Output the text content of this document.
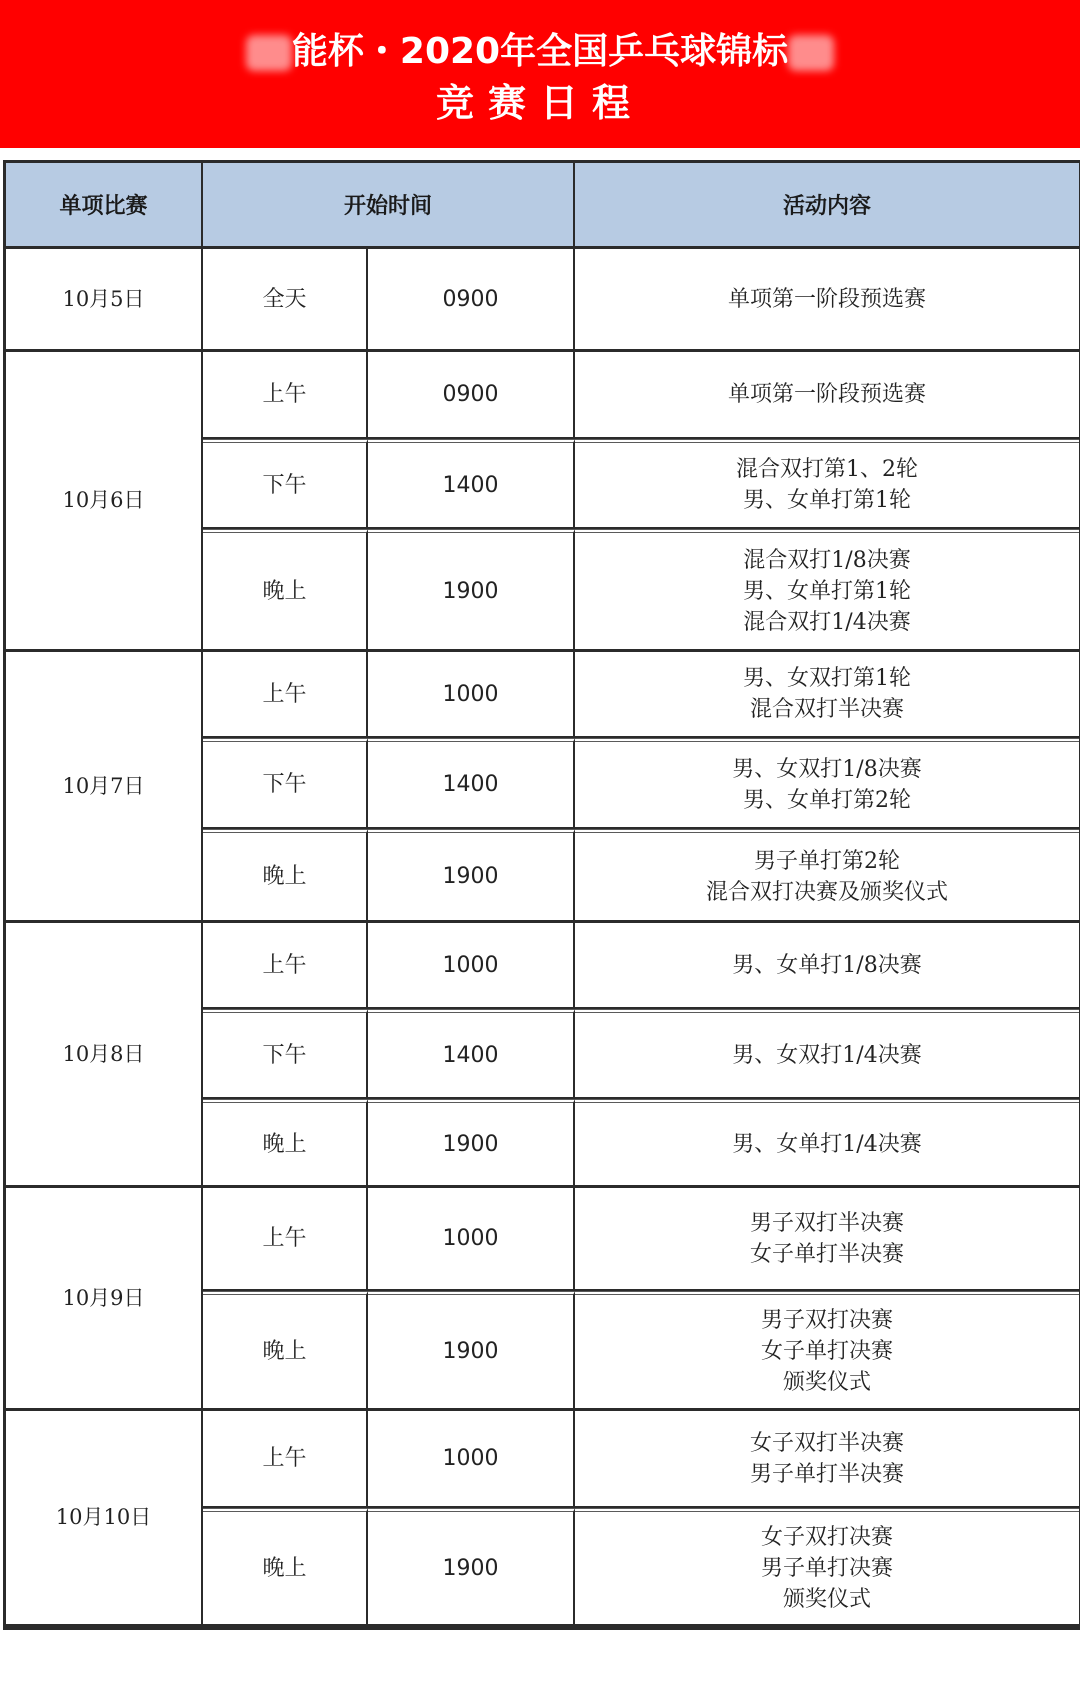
能杯・2020年全国乒乓球锦标
竞赛日程
单项比赛	开始时间		活动内容
10月5日	全天	0900	单项第一阶段预选赛

10月6日	上午	0900	单项第一阶段预选赛

	下午	1400	混合双打第1、2轮
男、女单打第1轮

	晚上	1900	混合双打1/8决赛
男、女单打第1轮
混合双打1/4决赛

10月7日	上午	1000	男、女双打第1轮
混合双打半决赛

	下午	1400	男、女双打1/8决赛
男、女单打第2轮

	晚上	1900	男子单打第2轮
混合双打决赛及颁奖仪式

10月8日	上午	1000	男、女单打1/8决赛

	下午	1400	男、女双打1/4决赛

	晚上	1900	男、女单打1/4决赛

10月9日	上午	1000	男子双打半决赛
女子单打半决赛

	晚上	1900	男子双打决赛
女子单打决赛
颁奖仪式

10月10日	上午	1000	女子双打半决赛
男子单打半决赛

	晚上	1900	女子双打决赛
男子单打决赛
颁奖仪式
